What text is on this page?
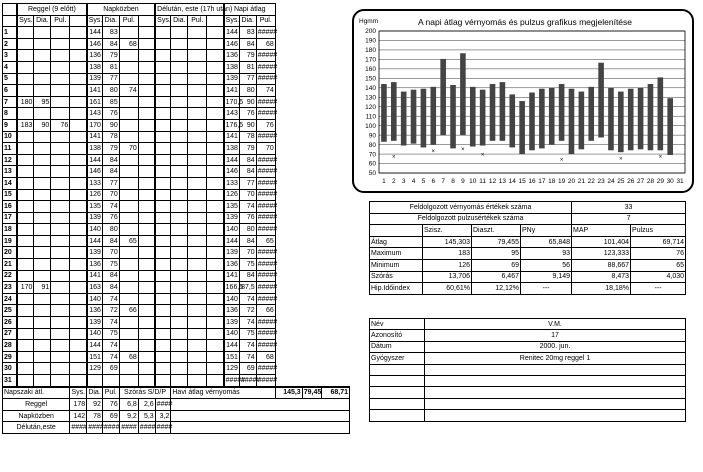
	Reggel (9 előtt)				Napközben				Délután, este (17h után)				Napi átlag					
	Sys.	Dia.	Pul.		Sys.	Dia.	Pul.		Sys.	Dia.	Pul.		Sys.	Dia.	Pul.			
1					144	83							144	83	#####			
2					146	84	68						146	84	68			
3					136	79							136	79	#####			
4					138	81							138	81	#####			
5					139	77							139	77	#####			
6					141	80	74						141	80	74			
7	180	95			161	85							170,5	90	#####			
8					143	76							143	76	#####			
9	183	90	76		170	90							176,5	90	76			
10					141	78							141	78	#####			
11					138	79	70						138	79	70			
12					144	84							144	84	#####			
13					146	84							146	84	#####			
14					133	77							133	77	#####			
15					126	70							126	70	#####			
16					135	74							135	74	#####			
17					139	76							139	76	#####			
18					140	80							140	80	#####			
19					144	84	65						144	84	65			
20					139	70							139	70	#####			
21					136	75							136	75	#####			
22					141	84							141	84	#####			
23	170	91			163	84							166,5	87,5	#####			
24					140	74							140	74	#####			
25					136	72	66						136	72	66			
26					139	74							139	74	#####			
27					140	75							140	75	#####			
28					144	74							144	74	#####			
29					151	74	68						151	74	68			
30					129	69							129	69	#####			
31													#####	#####	#####			
Napszaki átl.				Sys.	Dia.	Pul.	Szórás S/D/P			Havi átlag vérnyomás						145,3	79,45	68,71
Reggel				178	92	76	6,8	2,6	####									
Napközben				142	78	69	9,2	5,3	3,2									
Délután,este				####	####	####	####	####	####									
A napi átlag vérnyomás és pulzus grafikus megjelenítése
Hgmm
50
60
70
80
90
100
110
120
130
140
150
160
170
180
190
200
1 2
×
3 4 5 6
×
7 8 9
×
10 11
×
12 13 14 15 16 17 18 19
×
20 21 22 23 24 25
×
26 27 28 29
×
30 31
Feldolgozott vérnyomás értékek száma				33	
Feldolgozott pulzusértékek száma				7	
	Szisz.	Diaszt.	PNy	MAP	Pulzus
Átlag	145,303	79,455	65,848	101,404	69,714
Maximum	183	95	93	123,333	76
Minimum	126	69	56	88,667	65
Szórás	13,706	6,467	9,149	8,473	4,030
Hip.Időindex	60,61%	12,12%	---	18,18%	---
Név	V.M.
Azonosító	17
Dátum	2000. jun.
Gyógyszer	Renitec 20mg reggel 1
